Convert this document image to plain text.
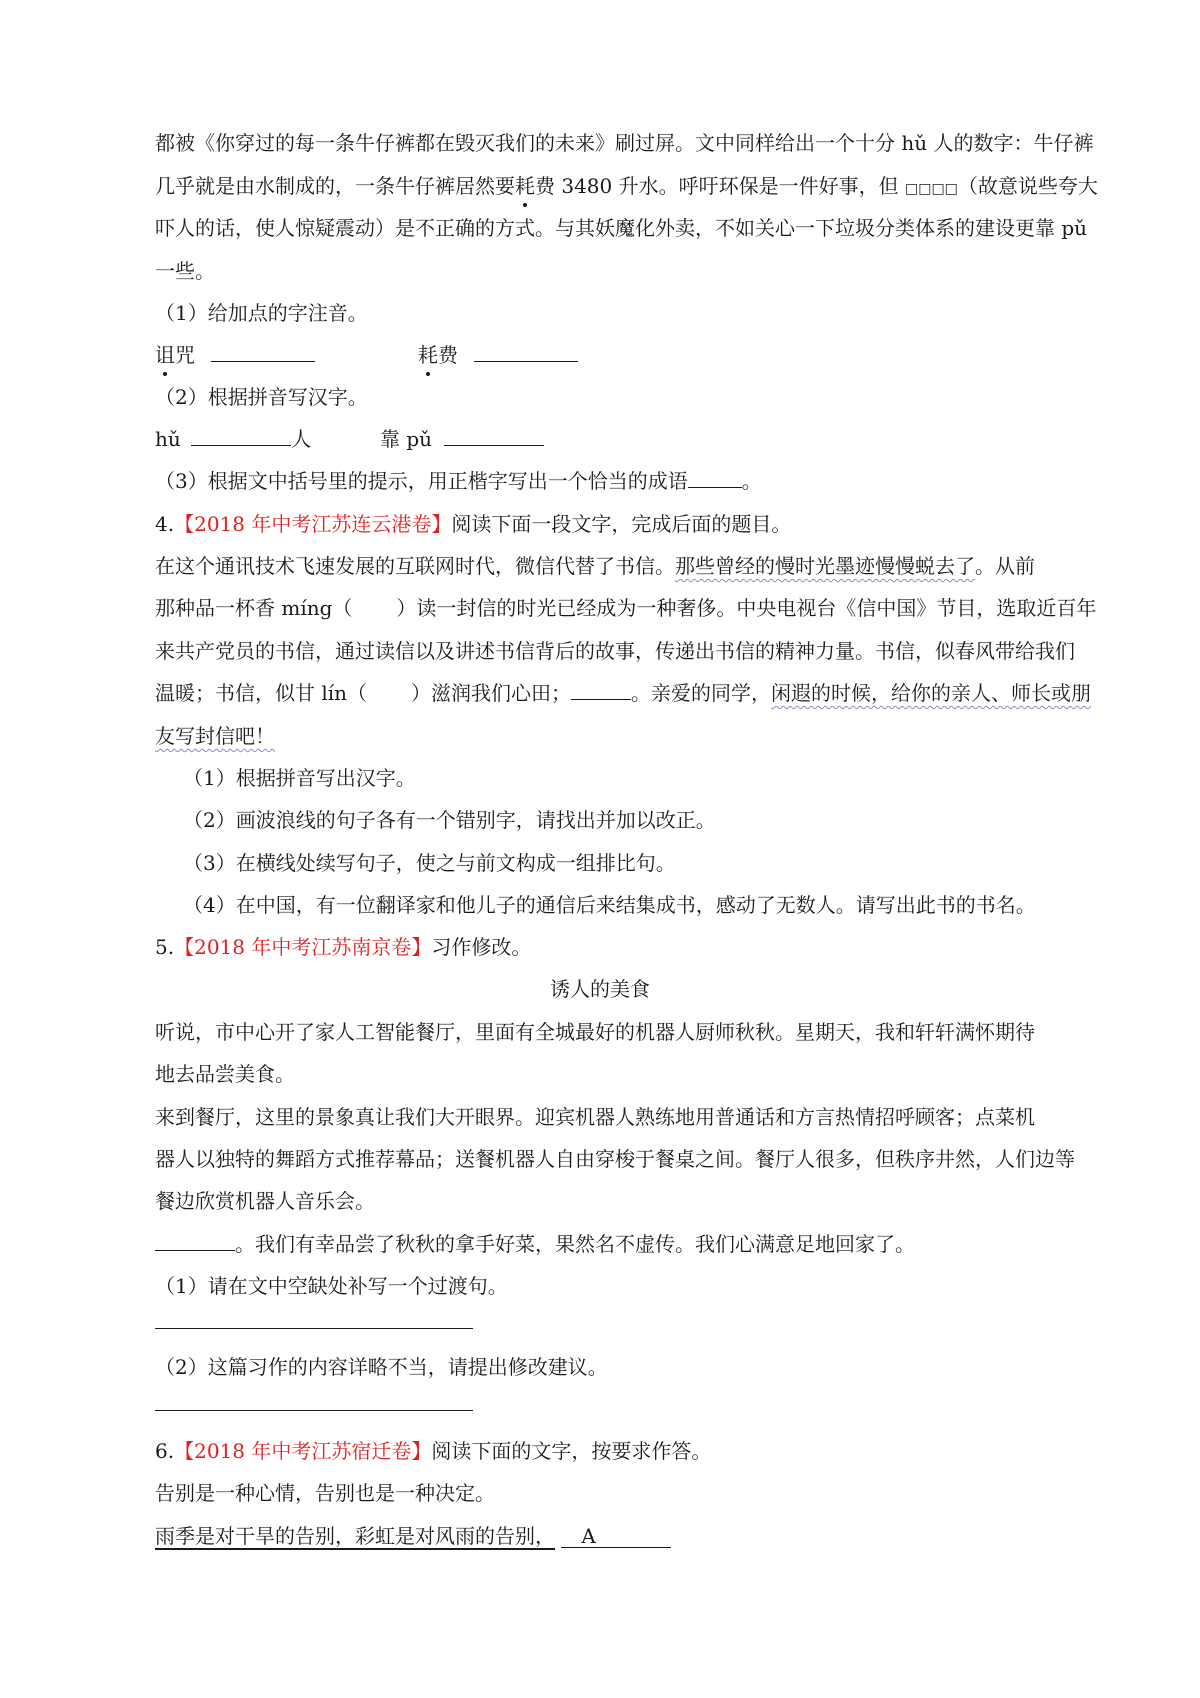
都被《你穿过的每一条牛仔裤都在毁灭我们的未来》刷过屏。文中同样给出一个十分 hǔ 人的数字：牛仔裤
几乎就是由水制成的，一条牛仔裤居然要耗费 3480 升水。呼吁环保是一件好事，但 □□□□（故意说些夸大
吓人的话，使人惊疑震动）是不正确的方式。与其妖魔化外卖，不如关心一下垃圾分类体系的建设更靠 pǔ
一些。
（1）给加点的字注音。
诅咒	耗费
（2）根据拼音写汉字。
hǔ	人	靠 pǔ
（3）根据文中括号里的提示，用正楷字写出一个恰当的成语	。
4.【2018 年中考江苏连云港卷】阅读下面一段文字，完成后面的题目。
在这个通讯技术飞速发展的互联网时代，微信代替了书信。那些曾经的慢时光墨迹慢慢蜕去了。从前
那种品一杯香 míng（ ）读一封信的时光已经成为一种奢侈。中央电视台《信中国》节目，选取近百年
来共产党员的书信，通过读信以及讲述书信背后的故事，传递出书信的精神力量。书信，似春风带给我们
温暖；书信，似甘 lín（ ）滋润我们心田；	。亲爱的同学，闲遐的时候，给你的亲人、师长或朋
友写封信吧！
（1）根据拼音写出汉字。
（2）画波浪线的句子各有一个错别字，请找出并加以改正。
（3）在横线处续写句子，使之与前文构成一组排比句。
（4）在中国，有一位翻译家和他儿子的通信后来结集成书，感动了无数人。请写出此书的书名。
5.【2018 年中考江苏南京卷】习作修改。
诱人的美食
听说，市中心开了家人工智能餐厅，里面有全城最好的机器人厨师秋秋。星期天，我和轩轩满怀期待
地去品尝美食。
来到餐厅，这里的景象真让我们大开眼界。迎宾机器人熟练地用普通话和方言热情招呼顾客；点菜机
器人以独特的舞蹈方式推荐幕品；送餐机器人自由穿梭于餐桌之间。餐厅人很多，但秩序井然，人们边等
餐边欣赏机器人音乐会。
。我们有幸品尝了秋秋的拿手好菜，果然名不虚传。我们心满意足地回家了。
（1）请在文中空缺处补写一个过渡句。
（2）这篇习作的内容详略不当，请提出修改建议。
6.【2018 年中考江苏宿迁卷】阅读下面的文字，按要求作答。
告别是一种心情，告别也是一种决定。
雨季是对干旱的告别，彩虹是对风雨的告别， A
